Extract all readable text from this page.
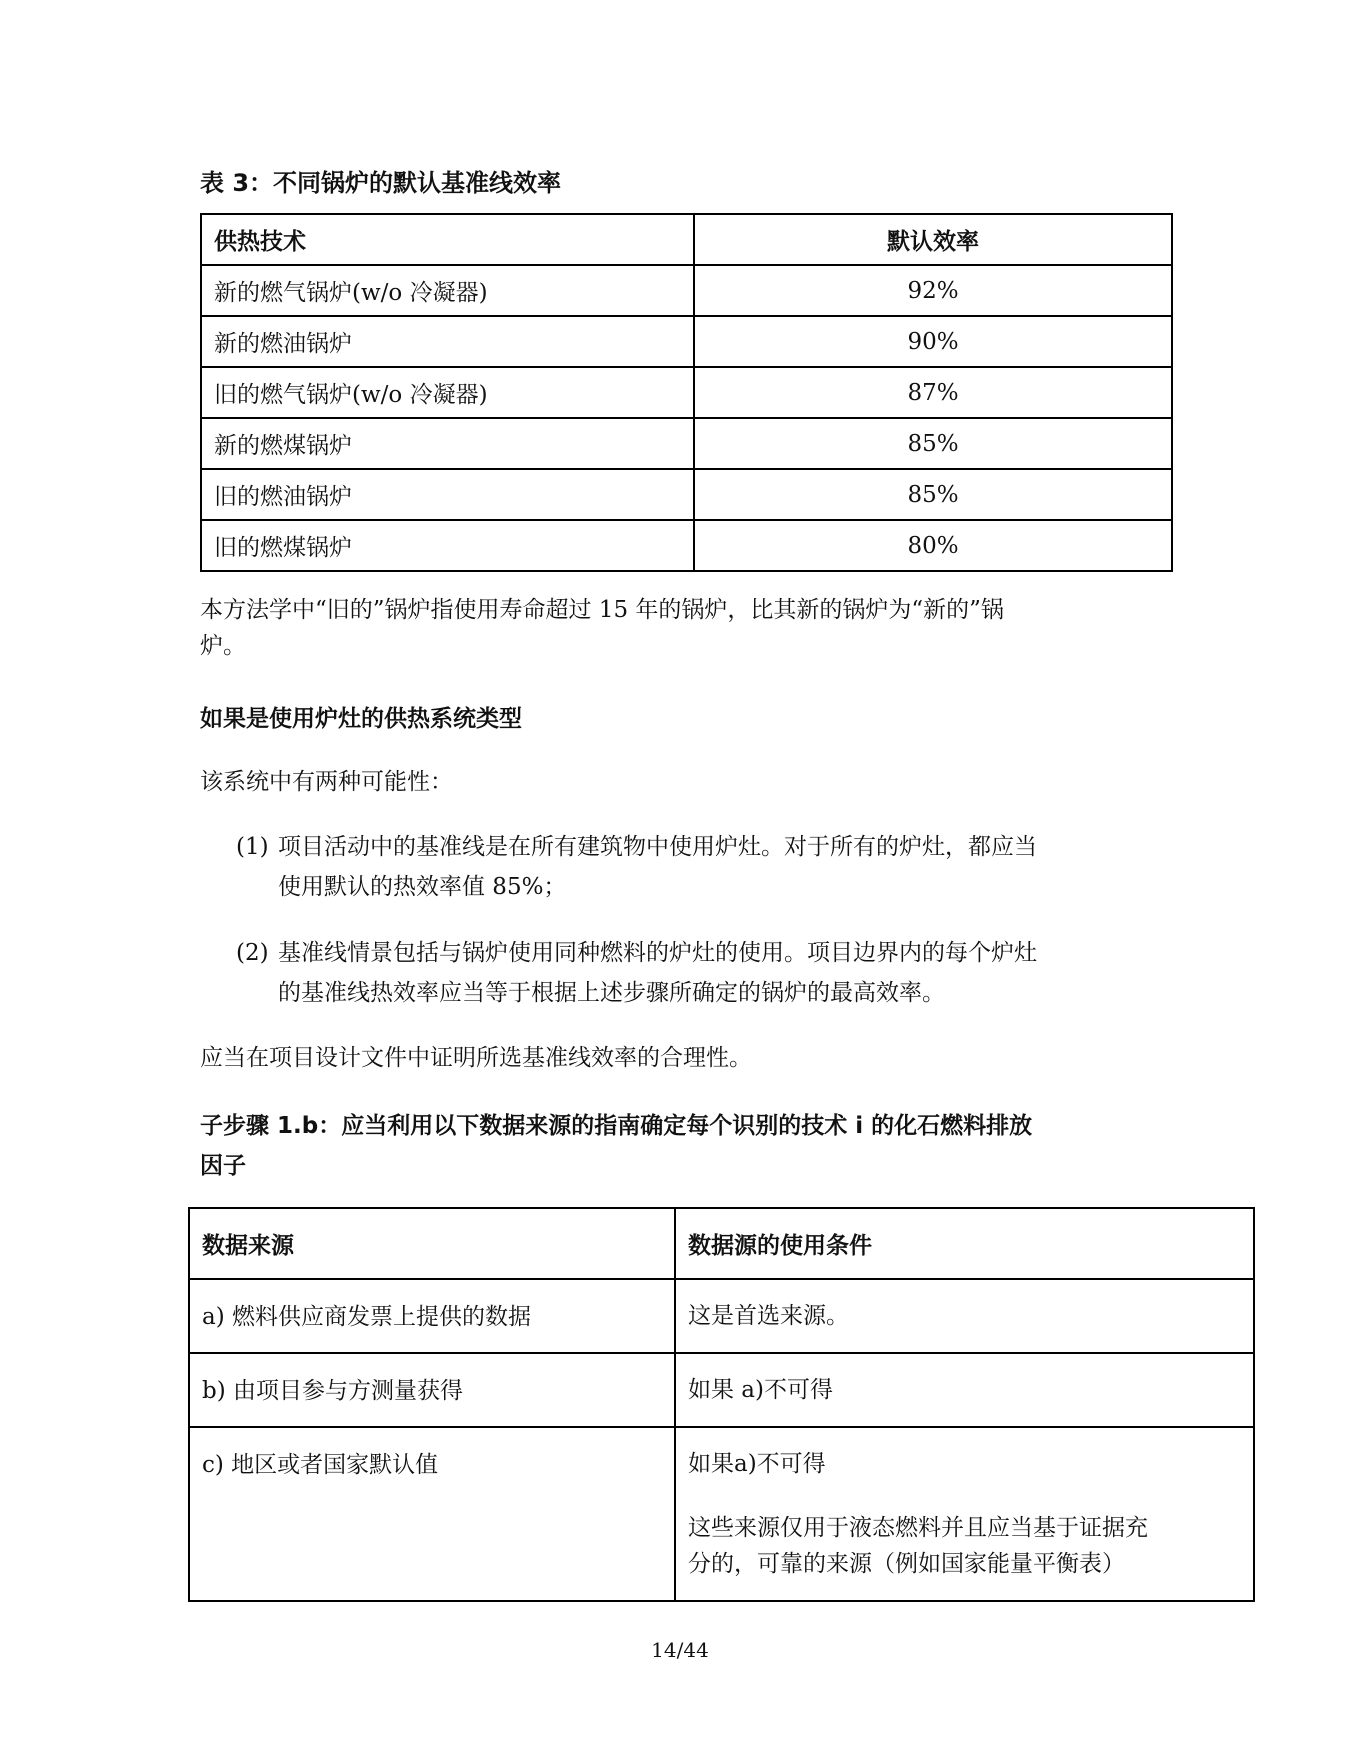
表 3：不同锅炉的默认基准线效率
供热技术	默认效率
新的燃气锅炉(w/o 冷凝器)	92%
新的燃油锅炉	90%
旧的燃气锅炉(w/o 冷凝器)	87%
新的燃煤锅炉	85%
旧的燃油锅炉	85%
旧的燃煤锅炉	80%
本方法学中“旧的”锅炉指使用寿命超过 15 年的锅炉，比其新的锅炉为“新的”锅
炉。
如果是使用炉灶的供热系统类型
该系统中有两种可能性：
(1) 项目活动中的基准线是在所有建筑物中使用炉灶。对于所有的炉灶，都应当
使用默认的热效率值 85%；
(2) 基准线情景包括与锅炉使用同种燃料的炉灶的使用。项目边界内的每个炉灶
的基准线热效率应当等于根据上述步骤所确定的锅炉的最高效率。
应当在项目设计文件中证明所选基准线效率的合理性。
子步骤 1.b：应当利用以下数据来源的指南确定每个识别的技术 i 的化石燃料排放
因子
数据来源	数据源的使用条件
a) 燃料供应商发票上提供的数据	这是首选来源。

b) 由项目参与方测量获得	如果 a)不可得

c) 地区或者国家默认值	如果a)不可得
这些来源仅用于液态燃料并且应当基于证据充
分的，可靠的来源（例如国家能量平衡表）
14/44
